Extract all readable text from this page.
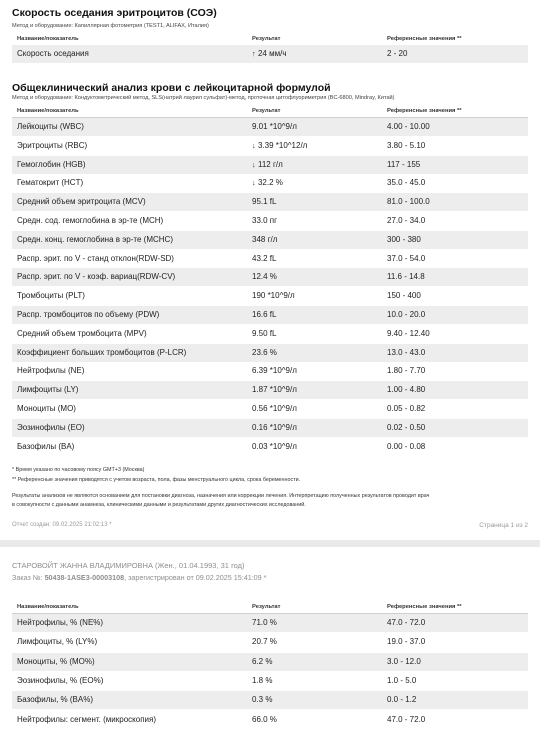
Скорость оседания эритроцитов (СОЭ)
Метод и оборудование: Капиллярная фотометрия (TEST1, ALIFAX, Италия)
Название/показатель	Результат	Референсные значения **
Скорость оседания	↑ 24 мм/ч	2 - 20
Общеклинический анализ крови с лейкоцитарной формулой
Метод и оборудование: Кондуктометрический метод, SLS(натрий лаурил сульфат)-метод, проточная цитофлуориметрия (BC-6800, Mindray, Китай)
Название/показатель	Результат	Референсные значения **
Лейкоциты (WBC)	9.01 *10^9/л	4.00 - 10.00
Эритроциты (RBC)	↓ 3.39 *10^12/л	3.80 - 5.10
Гемоглобин (HGB)	↓ 112 г/л	117 - 155
Гематокрит (HCT)	↓ 32.2 %	35.0 - 45.0
Средний объем эритроцита (MCV)	95.1 fL	81.0 - 100.0
Средн. сод. гемоглобина в эр-те (MCH)	33.0 пг	27.0 - 34.0
Средн. конц. гемоглобина в эр-те (MCHC)	348 г/л	300 - 380
Распр. эрит. по V - станд отклон(RDW-SD)	43.2 fL	37.0 - 54.0
Распр. эрит. по V - коэф. вариац(RDW-CV)	12.4 %	11.6 - 14.8
Тромбоциты (PLT)	190 *10^9/л	150 - 400
Распр. тромбоцитов по объему (PDW)	16.6 fL	10.0 - 20.0
Средний объем тромбоцита (MPV)	9.50 fL	9.40 - 12.40
Коэффициент больших тромбоцитов (P-LCR)	23.6 %	13.0 - 43.0
Нейтрофилы (NE)	6.39 *10^9/л	1.80 - 7.70
Лимфоциты (LY)	1.87 *10^9/л	1.00 - 4.80
Моноциты (MO)	0.56 *10^9/л	0.05 - 0.82
Эозинофилы (EO)	0.16 *10^9/л	0.02 - 0.50
Базофилы (BA)	0.03 *10^9/л	0.00 - 0.08
* Время указано по часовому поясу GMT+3 (Москва)
** Референсные значения приводятся с учетом возраста, пола, фазы менструального цикла, срока беременности.
Результаты анализов не являются основанием для постановки диагноза, назначения или коррекции лечения. Интерпретацию полученных результатов проводит врач
в совокупности с данными анамнеза, клиническими данными и результатами других диагностических исследований.
Отчет создан: 09.02.2025 21:02:13 *	Страница 1 из 2
СТАРОВОЙТ ЖАННА ВЛАДИМИРОВНА (Жен., 01.04.1993, 31 год)
Заказ №: 50438-1ASE3-00003108, зарегистрирован от 09.02.2025 15:41:09 *
Название/показатель	Результат	Референсные значения **
Нейтрофилы, % (NE%)	71.0 %	47.0 - 72.0
Лимфоциты, % (LY%)	20.7 %	19.0 - 37.0
Моноциты, % (MO%)	6.2 %	3.0 - 12.0
Эозинофилы, % (EO%)	1.8 %	1.0 - 5.0
Базофилы, % (BA%)	0.3 %	0.0 - 1.2
Нейтрофилы: сегмент. (микроскопия)	66.0 %	47.0 - 72.0
